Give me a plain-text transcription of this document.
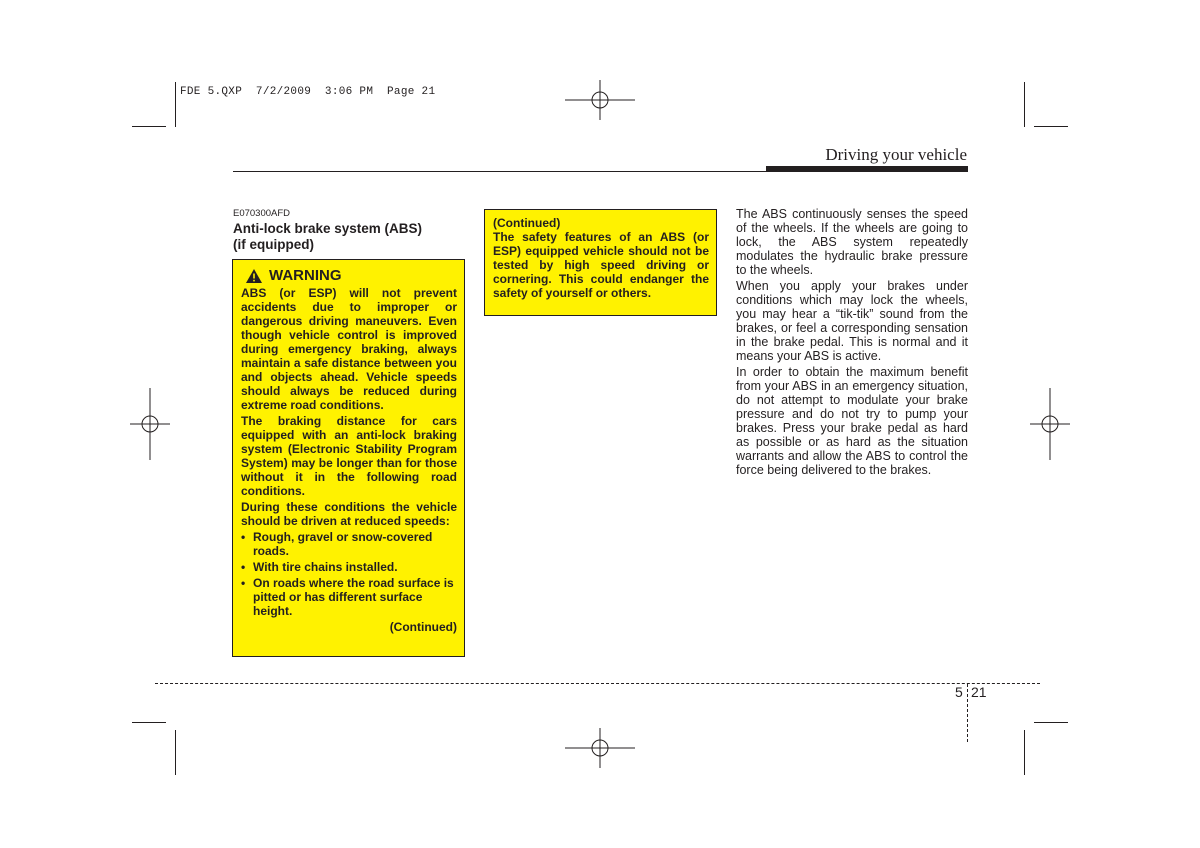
FDE 5.QXP  7/2/2009  3:06 PM  Page 21
Driving your vehicle
E070300AFD
Anti-lock brake system (ABS)
(if equipped)
WARNING

ABS (or ESP) will not prevent accidents due to improper or dangerous driving maneuvers. Even though vehicle control is improved during emergency braking, always maintain a safe distance between you and objects ahead. Vehicle speeds should always be reduced during extreme road conditions.

The braking distance for cars equipped with an anti-lock braking system (Electronic Stability Program System) may be longer than for those without it in the following road conditions.

During these conditions the vehicle should be driven at reduced speeds:

• Rough, gravel or snow-covered roads.
• With tire chains installed.
• On roads where the road surface is pitted or has different surface height.
(Continued)

(Continued)

The safety features of an ABS (or ESP) equipped vehicle should not be tested by high speed driving or cornering. This could endanger the safety of yourself or others.

The ABS continuously senses the speed of the wheels. If the wheels are going to lock, the ABS system repeatedly modulates the hydraulic brake pressure to the wheels.

When you apply your brakes under conditions which may lock the wheels, you may hear a “tik-tik” sound from the brakes, or feel a corresponding sensation in the brake pedal. This is normal and it means your ABS is active.

In order to obtain the maximum benefit from your ABS in an emergency situation, do not attempt to modulate your brake pressure and do not try to pump your brakes. Press your brake pedal as hard as possible or as hard as the situation warrants and allow the ABS to control the force being delivered to the brakes.

5 21
